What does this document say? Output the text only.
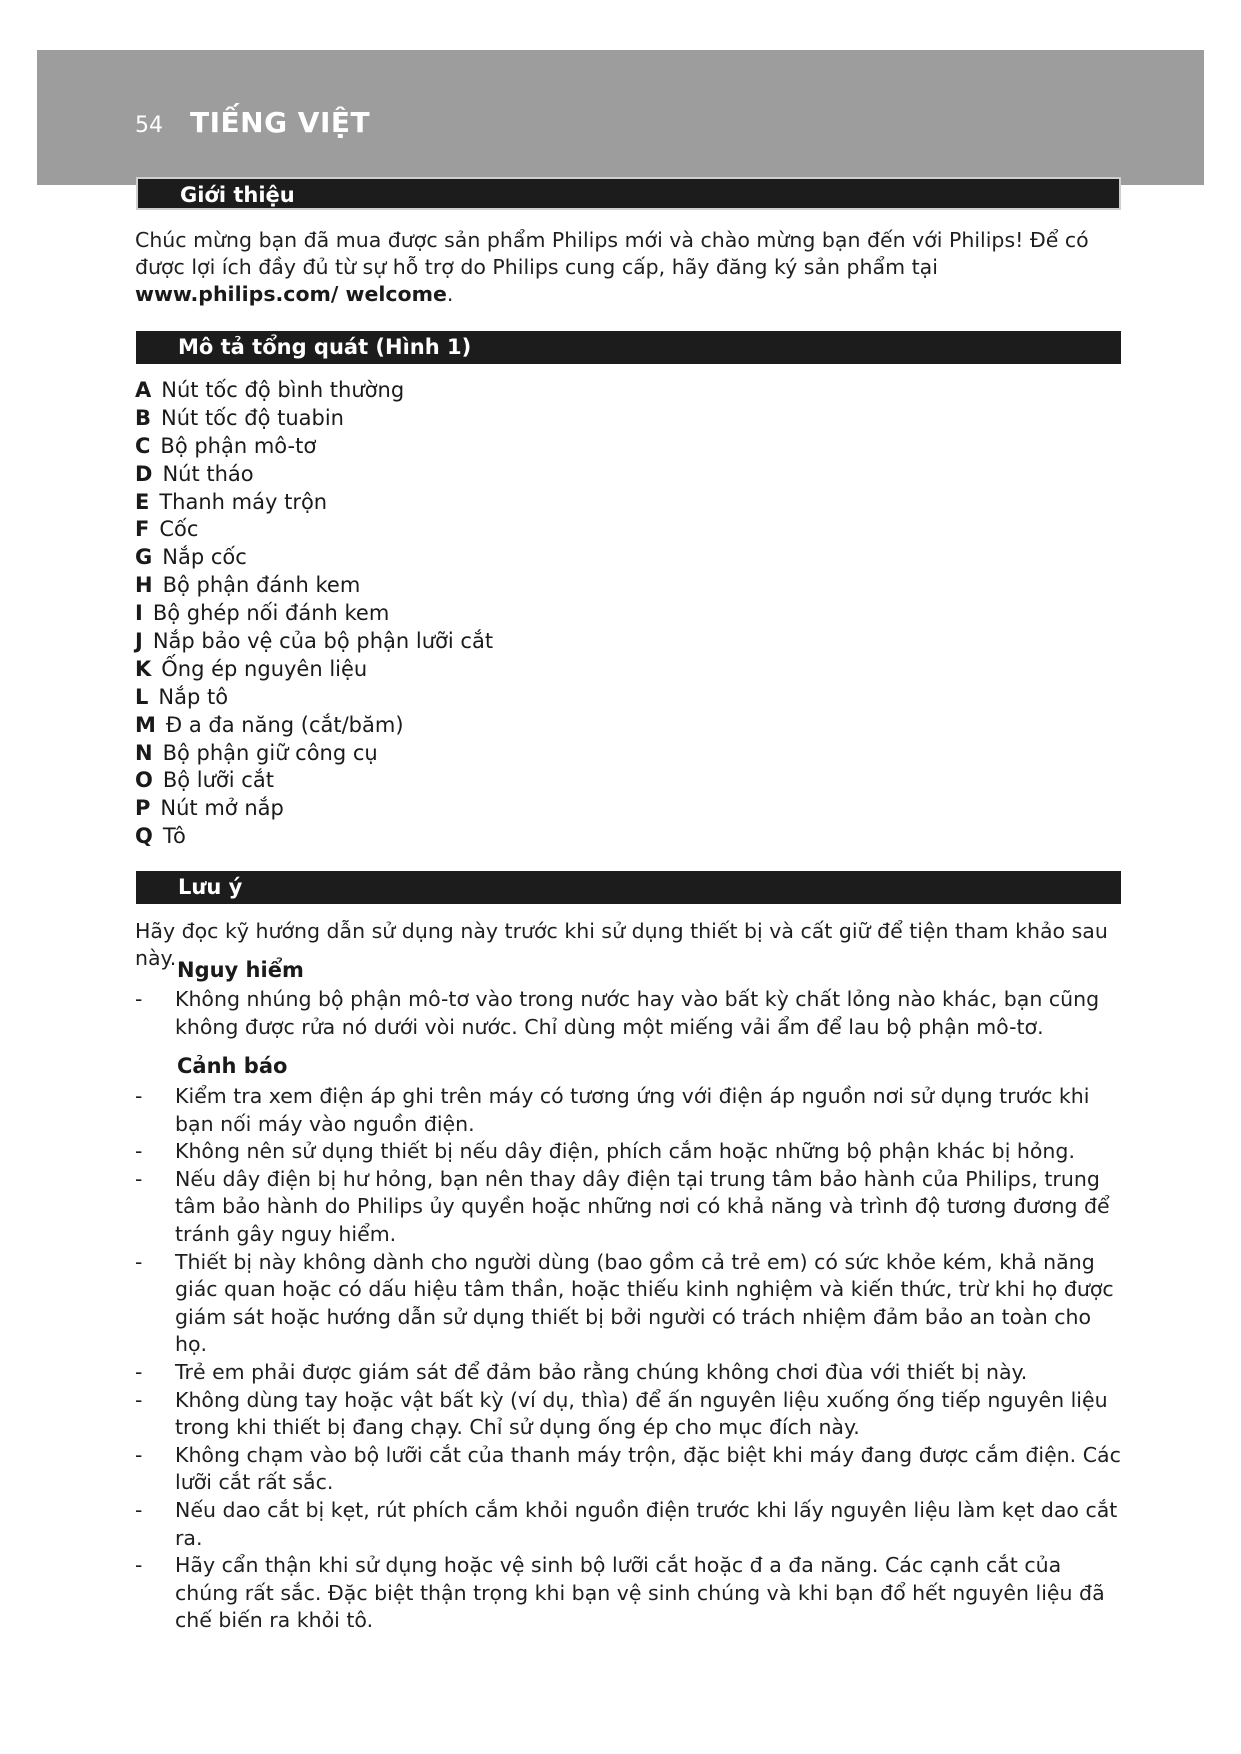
54 TIẾNG VIỆT
Giới thiệu
Chúc mừng bạn đã mua được sản phẩm Philips mới và chào mừng bạn đến với Philips! Để có được lợi ích đầy đủ từ sự hỗ trợ do Philips cung cấp, hãy đăng ký sản phẩm tại www.philips.com/ welcome.
Mô tả tổng quát (Hình 1)
A Nút tốc độ bình thường
B Nút tốc độ tuabin
C Bộ phận mô-tơ
D Nút tháo
E Thanh máy trộn
F Cốc
G Nắp cốc
H Bộ phận đánh kem
I Bộ ghép nối đánh kem
J Nắp bảo vệ của bộ phận lưỡi cắt
K Ống ép nguyên liệu
L Nắp tô
M Đ a đa năng (cắt/băm)
N Bộ phận giữ công cụ
O Bộ lưỡi cắt
P Nút mở nắp
Q Tô
Lưu ý
Hãy đọc kỹ hướng dẫn sử dụng này trước khi sử dụng thiết bị và cất giữ để tiện tham khảo sau này. Nguy hiểm
- Không nhúng bộ phận mô-tơ vào trong nước hay vào bất kỳ chất lỏng nào khác, bạn cũng không được rửa nó dưới vòi nước. Chỉ dùng một miếng vải ẩm để lau bộ phận mô-tơ.
Cảnh báo
- Kiểm tra xem điện áp ghi trên máy có tương ứng với điện áp nguồn nơi sử dụng trước khi bạn nối máy vào nguồn điện.
- Không nên sử dụng thiết bị nếu dây điện, phích cắm hoặc những bộ phận khác bị hỏng.
- Nếu dây điện bị hư hỏng, bạn nên thay dây điện tại trung tâm bảo hành của Philips, trung tâm bảo hành do Philips ủy quyền hoặc những nơi có khả năng và trình độ tương đương để tránh gây nguy hiểm.
- Thiết bị này không dành cho người dùng (bao gồm cả trẻ em) có sức khỏe kém, khả năng giác quan hoặc có dấu hiệu tâm thần, hoặc thiếu kinh nghiệm và kiến thức, trừ khi họ được giám sát hoặc hướng dẫn sử dụng thiết bị bởi người có trách nhiệm đảm bảo an toàn cho họ.
- Trẻ em phải được giám sát để đảm bảo rằng chúng không chơi đùa với thiết bị này.
- Không dùng tay hoặc vật bất kỳ (ví dụ, thìa) để ấn nguyên liệu xuống ống tiếp nguyên liệu trong khi thiết bị đang chạy. Chỉ sử dụng ống ép cho mục đích này.
- Không chạm vào bộ lưỡi cắt của thanh máy trộn, đặc biệt khi máy đang được cắm điện. Các lưỡi cắt rất sắc.
- Nếu dao cắt bị kẹt, rút phích cắm khỏi nguồn điện trước khi lấy nguyên liệu làm kẹt dao cắt ra.
- Hãy cẩn thận khi sử dụng hoặc vệ sinh bộ lưỡi cắt hoặc đ a đa năng. Các cạnh cắt của chúng rất sắc. Đặc biệt thận trọng khi bạn vệ sinh chúng và khi bạn đổ hết nguyên liệu đã chế biến ra khỏi tô.
